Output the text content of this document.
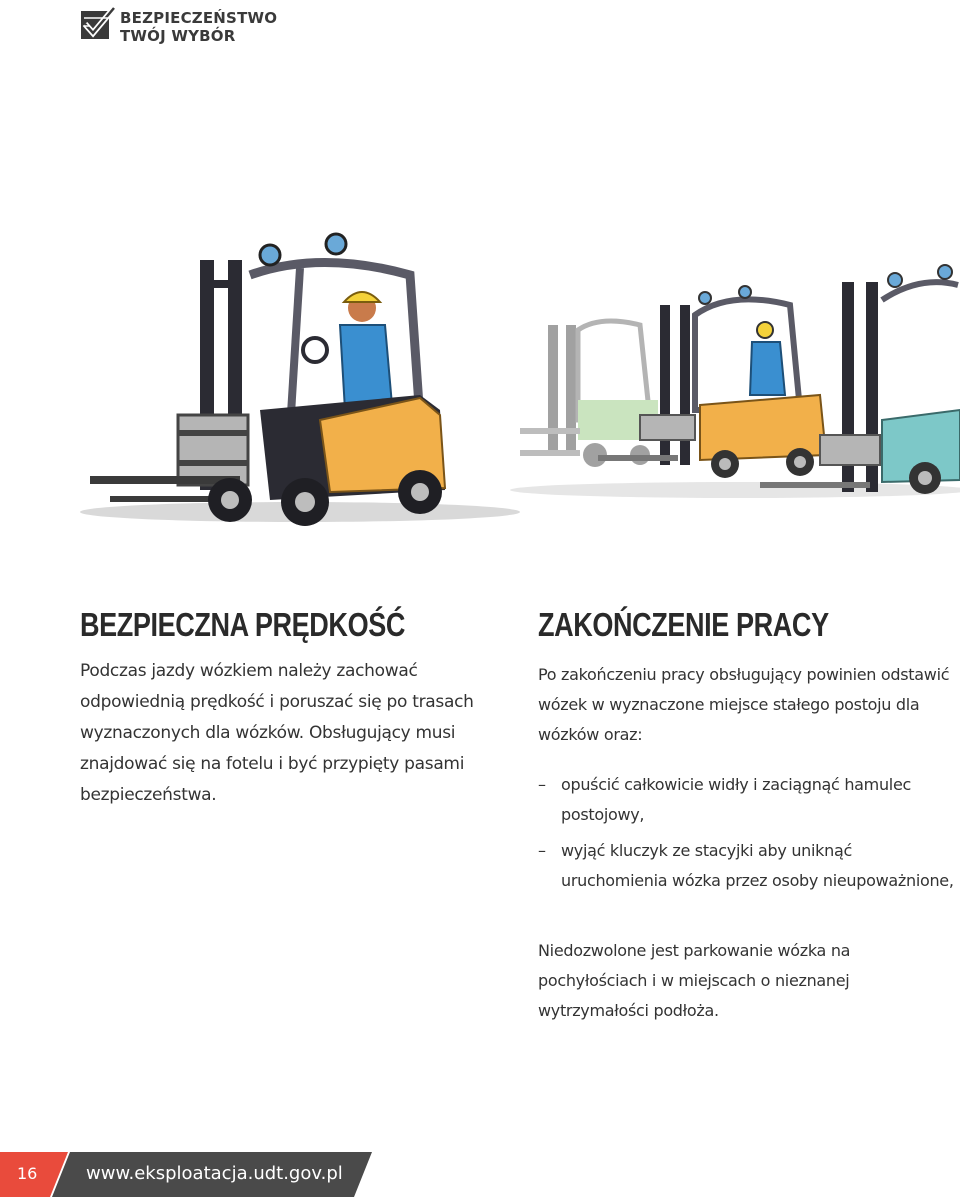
BEZPIECZEŃSTWO
TWÓJ WYBÓR
BEZPIECZNA PRĘDKOŚĆ
Podczas jazdy wózkiem należy zachować odpowiednią prędkość i poruszać się po trasach wyznaczonych dla wózków. Obsługujący musi znajdować się na fotelu i być przypięty pasami bezpieczeństwa.
ZAKOŃCZENIE PRACY
Po zakończeniu pracy obsługujący powinien odstawić wózek w wyznaczone miejsce stałego postoju dla wózków oraz:
– opuścić całkowicie widły i zaciągnąć hamulec postojowy,
– wyjąć kluczyk ze stacyjki aby uniknąć uruchomienia wózka przez osoby nieupoważnione,
Niedozwolone jest parkowanie wózka na pochyłościach i w miejscach o nieznanej wytrzymałości podłoża.
16	www.eksploatacja.udt.gov.pl
